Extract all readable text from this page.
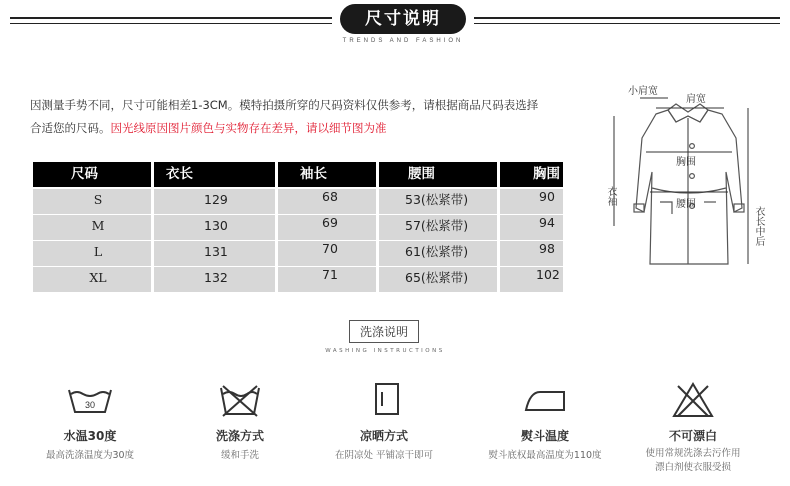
尺寸说明
TRENDS AND FASHION
因测量手势不同，尺寸可能相差1-3CM。模特拍摄所穿的尺码资料仅供参考，请根据商品尺码表选择
合适您的尺码。因光线原因图片颜色与实物存在差异，请以细节图为准
尺码	衣长	袖长	腰围	胸围
S	129	68	53(松紧带)	90
M	130	69	57(松紧带)	94
L	131	70	61(松紧带)	98
XL	132	71	65(松紧带)	102
小肩宽
肩宽
胸围
腰围
衣袖
衣长中后
洗涤说明
WASHING INSTRUCTIONS
30
水温30度
最高洗涤温度为30度
洗涤方式
缓和手洗
凉晒方式
在阴凉处 平铺凉干即可
熨斗温度
熨斗底权最高温度为110度
不可漂白
使用常规洗涤去污作用
漂白剂使衣服受损
